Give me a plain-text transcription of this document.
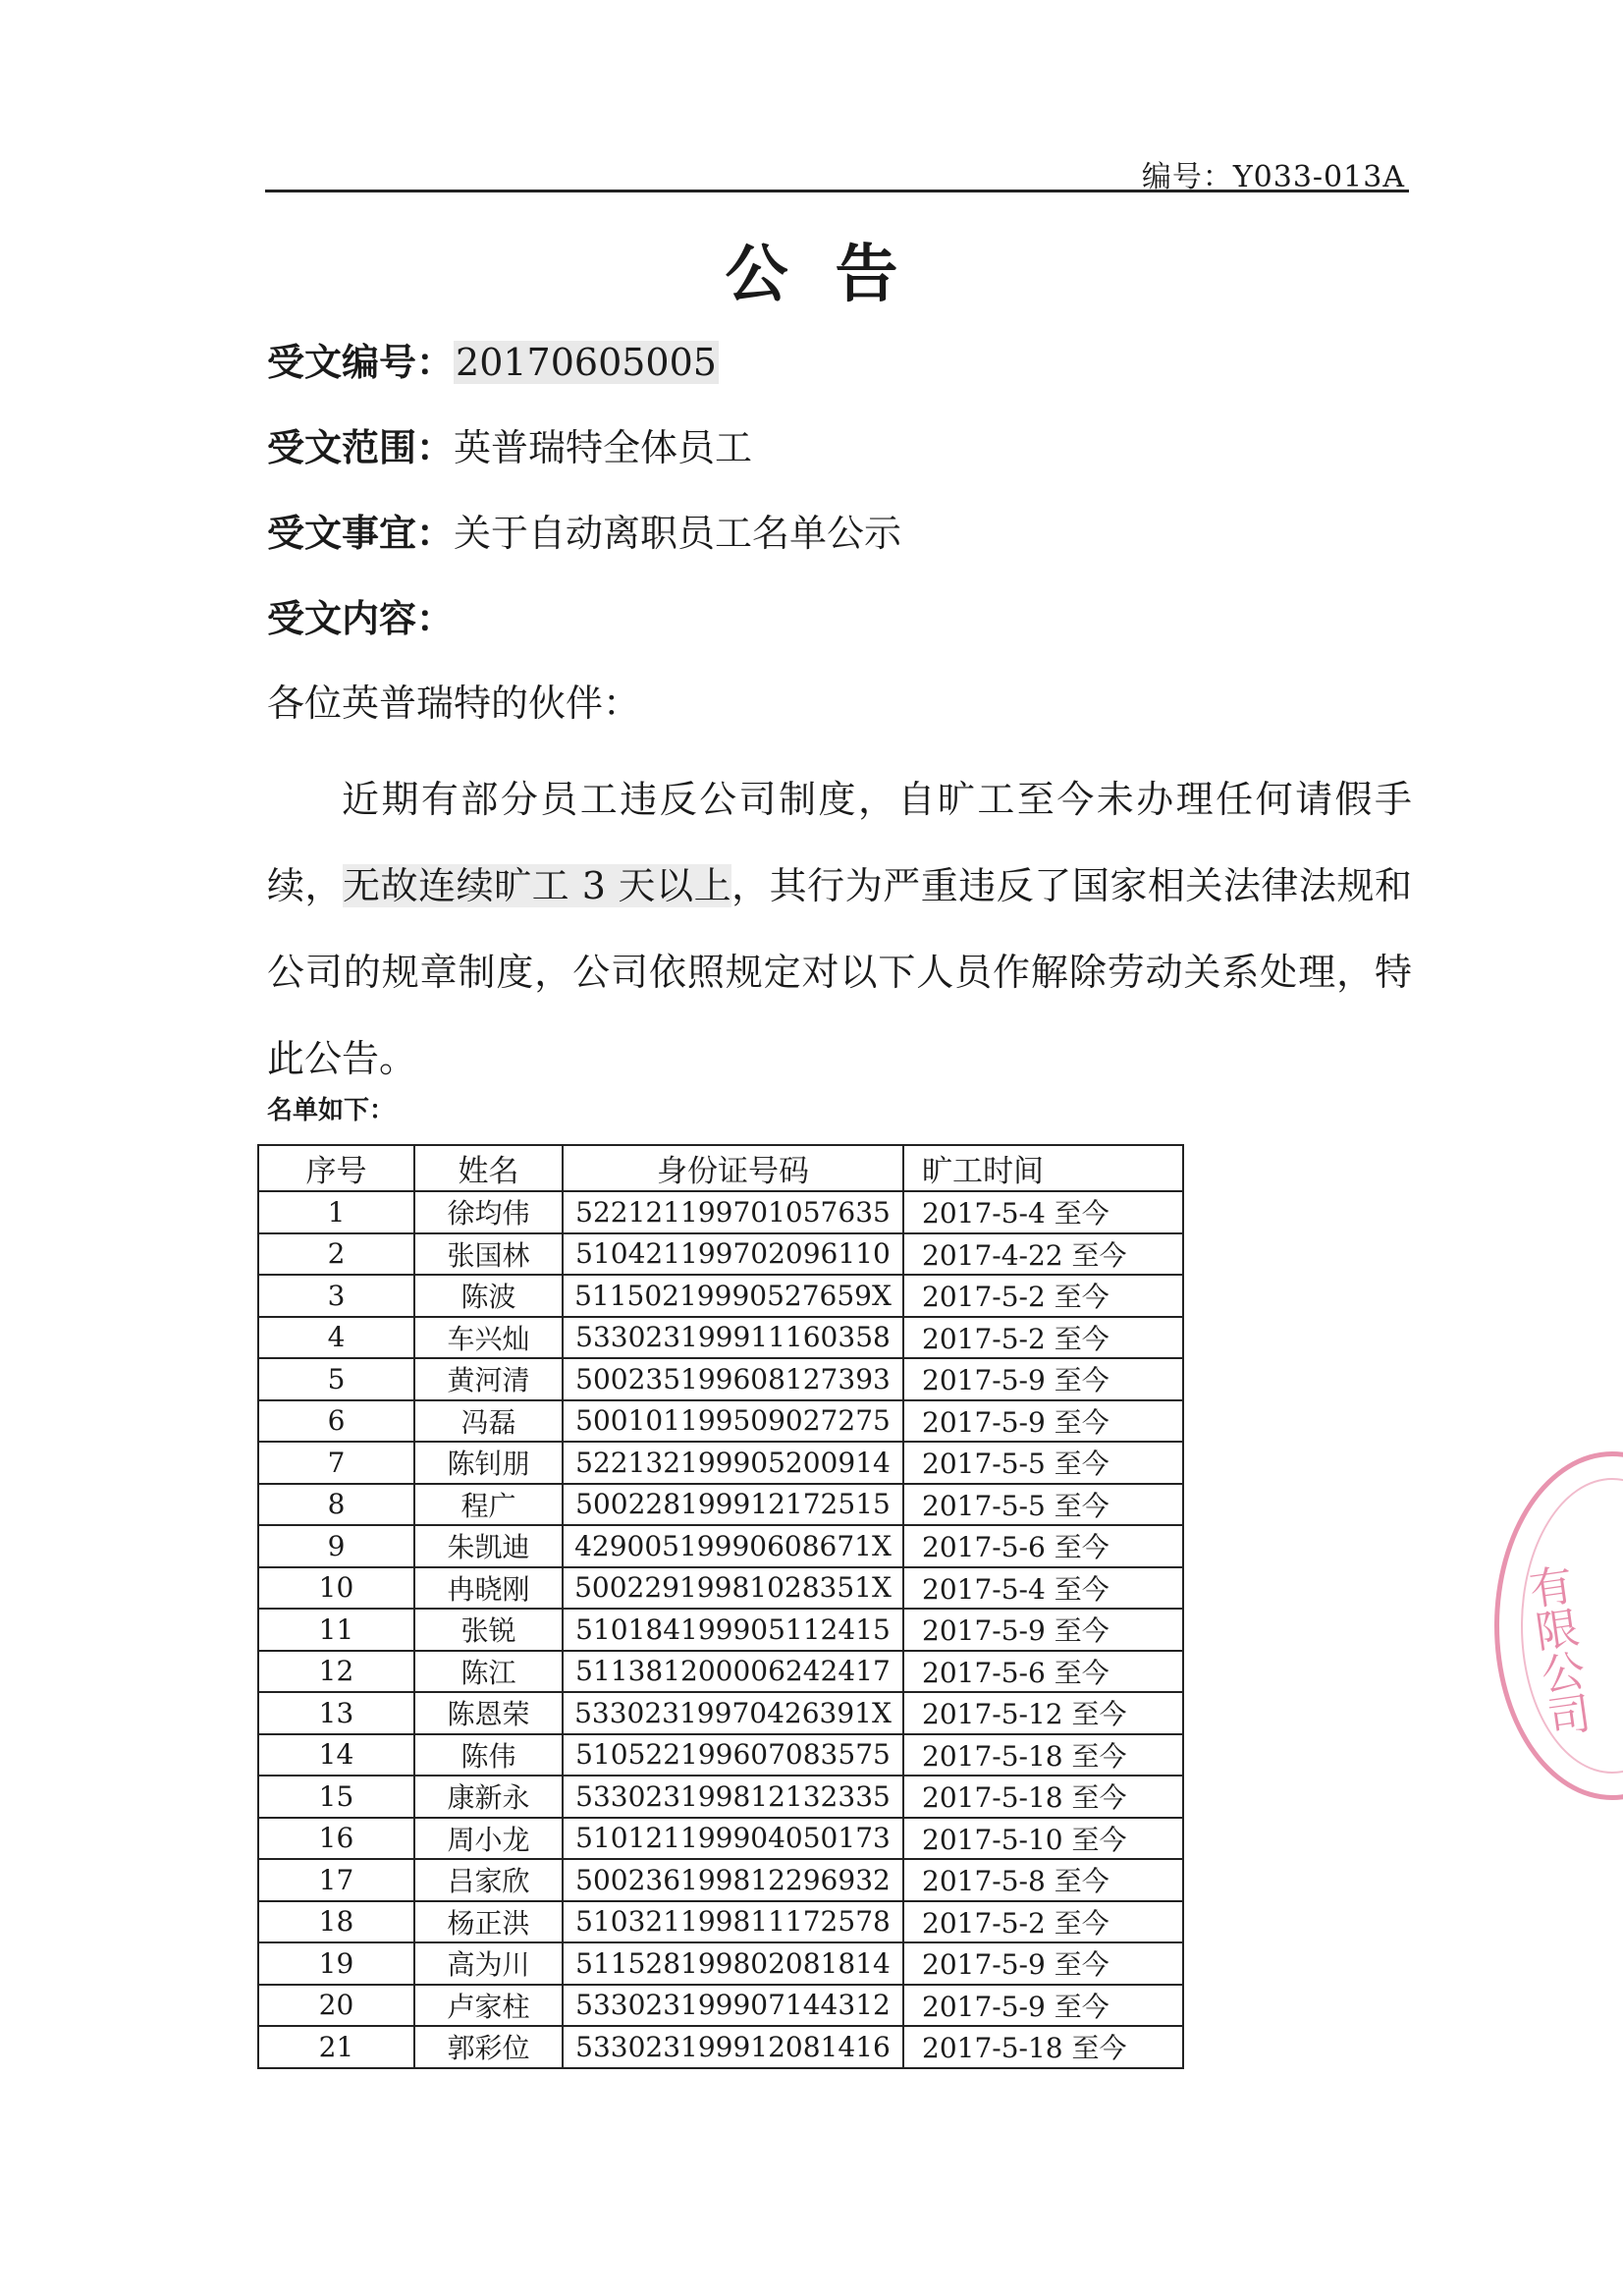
编号：Y033-013A
公告
受文编号：20170605005
受文范围：英普瑞特全体员工
受文事宜：关于自动离职员工名单公示
受文内容：
各位英普瑞特的伙伴：
近期有部分员工违反公司制度，自旷工至今未办理任何请假手续，无故连续旷工 3 天以上，其行为严重违反了国家相关法律法规和公司的规章制度，公司依照规定对以下人员作解除劳动关系处理，特此公告。
名单如下：
序号	姓名	身份证号码	旷工时间
1	徐均伟	522121199701057635	2017-5-4 至今
2	张国林	510421199702096110	2017-4-22 至今
3	陈波	51150219990527659X	2017-5-2 至今
4	车兴灿	533023199911160358	2017-5-2 至今
5	黄河清	500235199608127393	2017-5-9 至今
6	冯磊	500101199509027275	2017-5-9 至今
7	陈钊朋	522132199905200914	2017-5-5 至今
8	程广	500228199912172515	2017-5-5 至今
9	朱凯迪	42900519990608671X	2017-5-6 至今
10	冉晓刚	50022919981028351X	2017-5-4 至今
11	张锐	510184199905112415	2017-5-9 至今
12	陈江	511381200006242417	2017-5-6 至今
13	陈恩荣	53302319970426391X	2017-5-12 至今
14	陈伟	510522199607083575	2017-5-18 至今
15	康新永	533023199812132335	2017-5-18 至今
16	周小龙	510121199904050173	2017-5-10 至今
17	吕家欣	500236199812296932	2017-5-8 至今
18	杨正洪	510321199811172578	2017-5-2 至今
19	高为川	511528199802081814	2017-5-9 至今
20	卢家柱	533023199907144312	2017-5-9 至今
21	郭彩位	533023199912081416	2017-5-18 至今
有限公司
